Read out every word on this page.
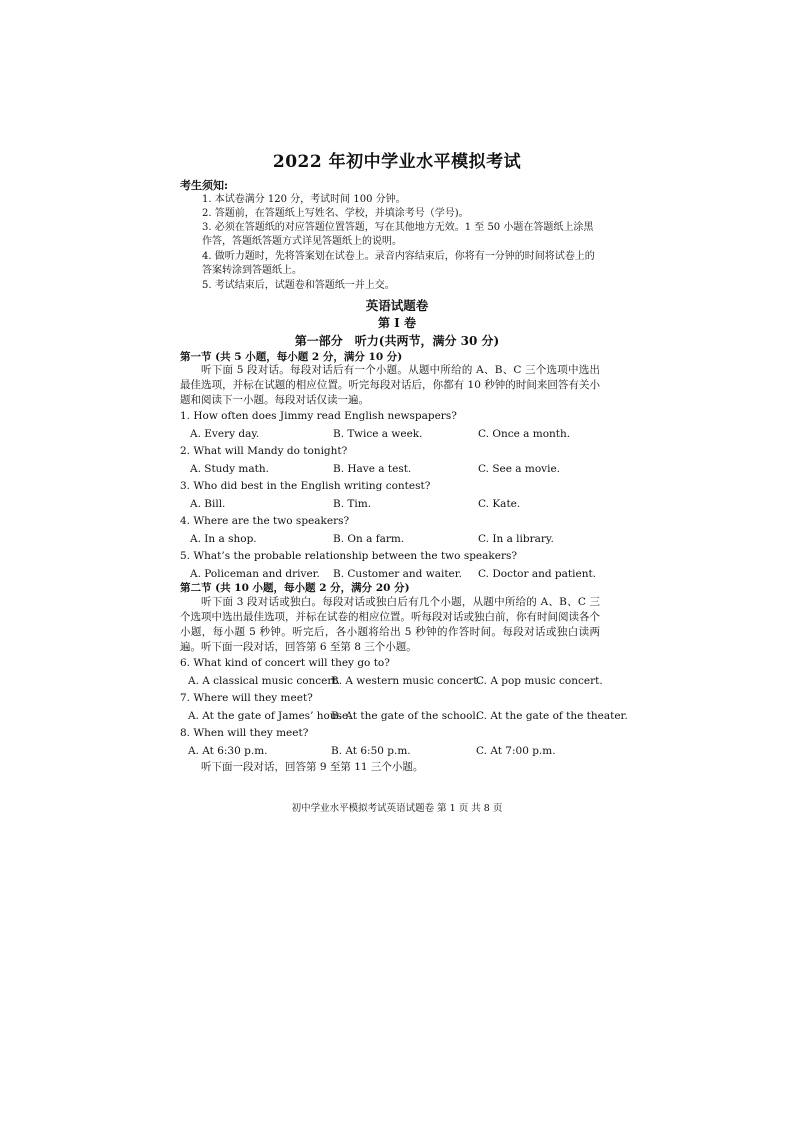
2022 年初中学业水平模拟考试
考生须知:
1. 本试卷满分 120 分，考试时间 100 分钟。
2. 答题前，在答题纸上写姓名、学校，并填涂考号（学号)。
3. 必须在答题纸的对应答题位置答题，写在其他地方无效。1 至 50 小题在答题纸上涂黑作答，答题纸答题方式详见答题纸上的说明。
4. 做听力题时，先将答案划在试卷上。录音内容结束后，你将有一分钟的时间将试卷上的答案转涂到答题纸上。
5. 考试结束后，试题卷和答题纸一并上交。
英语试题卷
第 I 卷
第一部分　听力(共两节，满分 30 分)
第一节 (共 5 小题，每小题 2 分，满分 10 分)
听下面 5 段对话。每段对话后有一个小题。从题中所给的 A、B、C 三个选项中选出最佳选项，并标在试题的相应位置。听完每段对话后，你都有 10 秒钟的时间来回答有关小题和阅读下一小题。每段对话仅读一遍。
1. How often does Jimmy read English newspapers?
A. Every day.	B. Twice a week.	C. Once a month.
2. What will Mandy do tonight?
A. Study math.	B. Have a test.	C. See a movie.
3. Who did best in the English writing contest?
A. Bill.	B. Tim.	C. Kate.
4. Where are the two speakers?
A. In a shop.	B. On a farm.	C. In a library.
5. What’s the probable relationship between the two speakers?
A. Policeman and driver. B. Customer and waiter. C. Doctor and patient.
第二节 (共 10 小题，每小题 2 分，满分 20 分)
听下面 3 段对话或独白。每段对话或独白后有几个小题，从题中所给的 A、B、C 三个选项中选出最佳选项，并标在试卷的相应位置。听每段对话或独白前，你有时间阅读各个小题，每小题 5 秒钟。听完后，各小题将给出 5 秒钟的作答时间。每段对话或独白读两遍。 听下面一段对话，回答第 6 至第 8 三个小题。
6. What kind of concert will they go to?
A. A classical music concert.
B. A western music concert.
C. A pop music concert.
7. Where will they meet?
A. At the gate of James’ house.
B. At the gate of the school.
C. At the gate of the theater.
8. When will they meet?
A. At 6:30 p.m.	B. At 6:50 p.m.	C. At 7:00 p.m.
听下面一段对话，回答第 9 至第 11 三个小题。
初中学业水平模拟考试英语试题卷 第 1 页 共 8 页
